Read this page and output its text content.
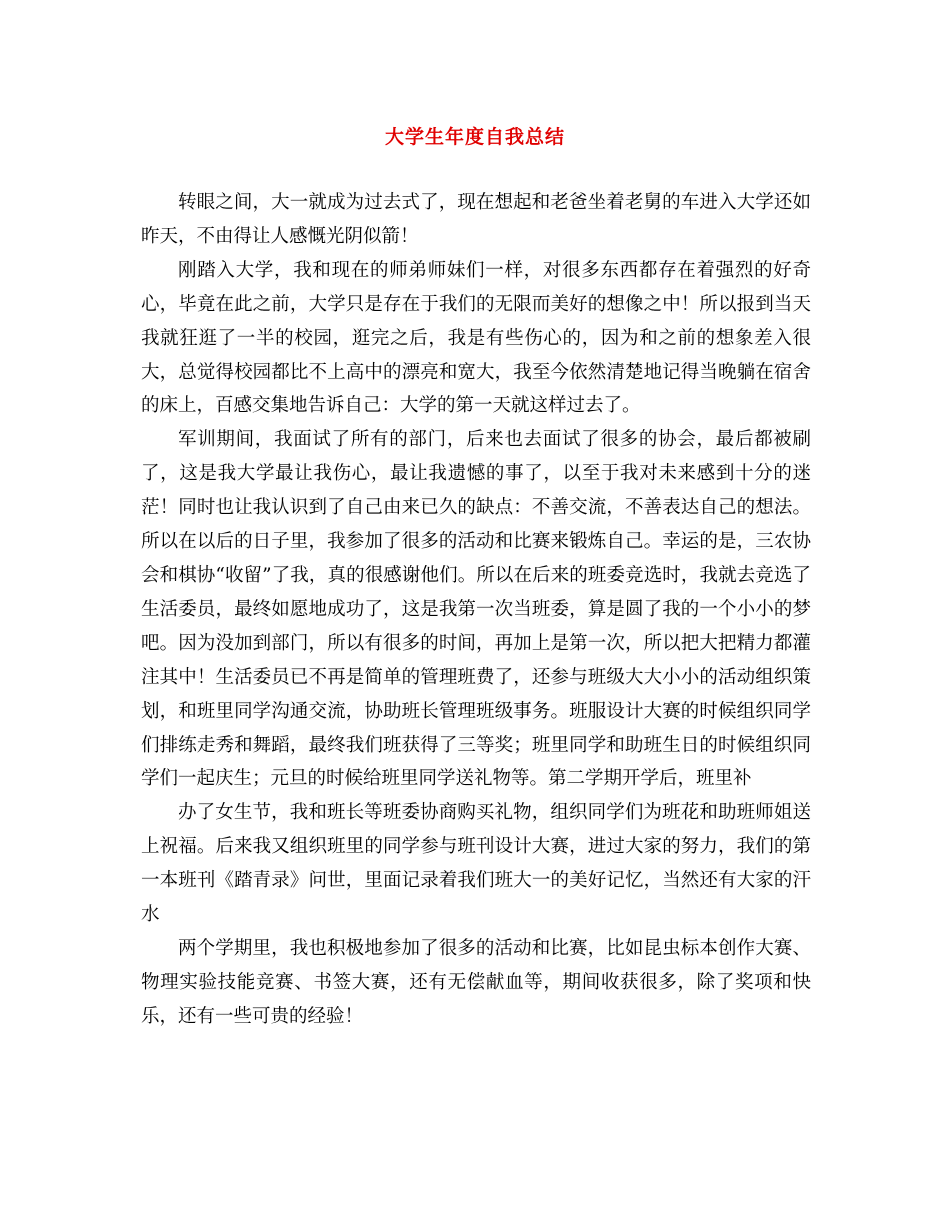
大学生年度自我总结

转眼之间，大一就成为过去式了，现在想起和老爸坐着老舅的车进入大学还如昨天，不由得让人感慨光阴似箭！

刚踏入大学，我和现在的师弟师妹们一样，对很多东西都存在着强烈的好奇心，毕竟在此之前，大学只是存在于我们的无限而美好的想像之中！所以报到当天我就狂逛了一半的校园，逛完之后，我是有些伤心的，因为和之前的想象差入很大，总觉得校园都比不上高中的漂亮和宽大，我至今依然清楚地记得当晚躺在宿舍的床上，百感交集地告诉自己：大学的第一天就这样过去了。

军训期间，我面试了所有的部门，后来也去面试了很多的协会，最后都被刷了，这是我大学最让我伤心，最让我遗憾的事了，以至于我对未来感到十分的迷茫！同时也让我认识到了自己由来已久的缺点：不善交流，不善表达自己的想法。所以在以后的日子里，我参加了很多的活动和比赛来锻炼自己。幸运的是，三农协会和棋协“收留”了我，真的很感谢他们。所以在后来的班委竞选时，我就去竞选了生活委员，最终如愿地成功了，这是我第一次当班委，算是圆了我的一个小小的梦吧。因为没加到部门，所以有很多的时间，再加上是第一次，所以把大把精力都灌注其中！生活委员已不再是简单的管理班费了，还参与班级大大小小的活动组织策划，和班里同学沟通交流，协助班长管理班级事务。班服设计大赛的时候组织同学们排练走秀和舞蹈，最终我们班获得了三等奖；班里同学和助班生日的时候组织同学们一起庆生；元旦的时候给班里同学送礼物等。第二学期开学后，班里补

办了女生节，我和班长等班委协商购买礼物，组织同学们为班花和助班师姐送上祝福。后来我又组织班里的同学参与班刊设计大赛，进过大家的努力，我们的第一本班刊《踏青录》问世，里面记录着我们班大一的美好记忆，当然还有大家的汗水

两个学期里，我也积极地参加了很多的活动和比赛，比如昆虫标本创作大赛、物理实验技能竞赛、书签大赛，还有无偿献血等，期间收获很多，除了奖项和快乐，还有一些可贵的经验！
